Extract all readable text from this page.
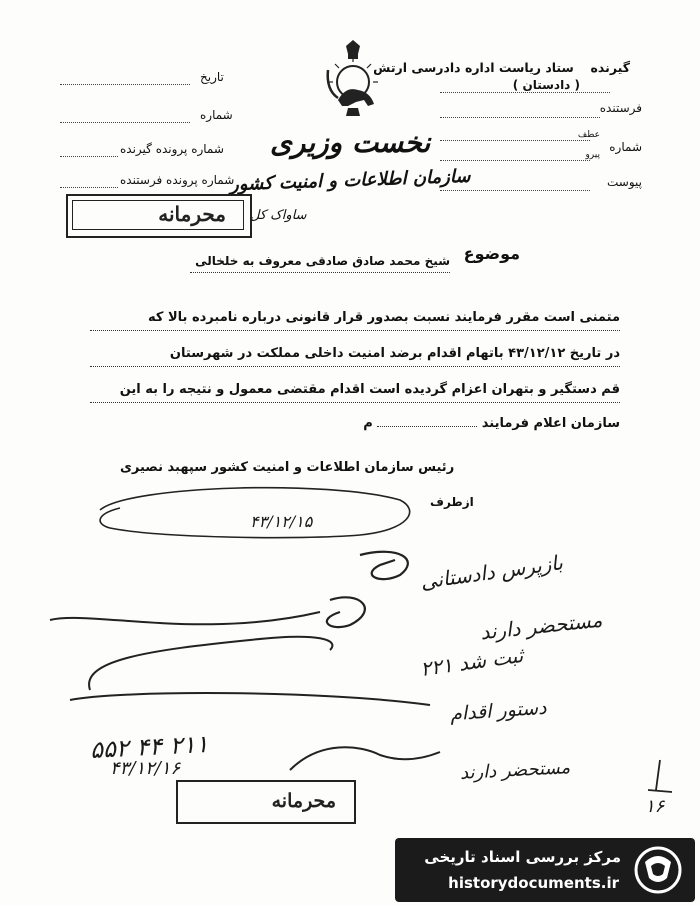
گیرنده  ستاد ریاست اداره دادرسی ارتش
( دادستان )
فرستنده
شماره
عطف
پیرو
پیوست
تاریخ
شماره
شماره پرونده گیرنده
شماره پرونده فرستنده
نخست وزیری
سازمان اطلاعات و امنیت کشور
ساواک کل
محرمانه
موضوع
شیخ محمد صادق صادقی معروف به خلخالی
متمنی است مقرر فرمایند نسبت بصدور قرار قانونی درباره نامبرده بالا که
در تاریخ ۴۳/۱۲/۱۲ باتهام اقدام برضد امنیت داخلی مملکت در شهرستان
قم دستگیر و بتهران اعزام گردیده است اقدام مقتضی معمول و نتیجه را به این
سازمان اعلام فرمایند  م
رئیس سازمان اطلاعات و امنیت کشور سپهبد نصیری
ازطرف
۴۳/۱۲/۱۵
بازپرس دادستانی
مستحضر دارند
ثبت شد ۲۲۱
دستور اقدام
۲۱۱ ۴۴ ۵۵۲
۴۳/۱۲/۱۶
۱۶
مستحضر دارند
محرمانه
مرکز بررسی اسناد تاریخی
historydocuments.ir
